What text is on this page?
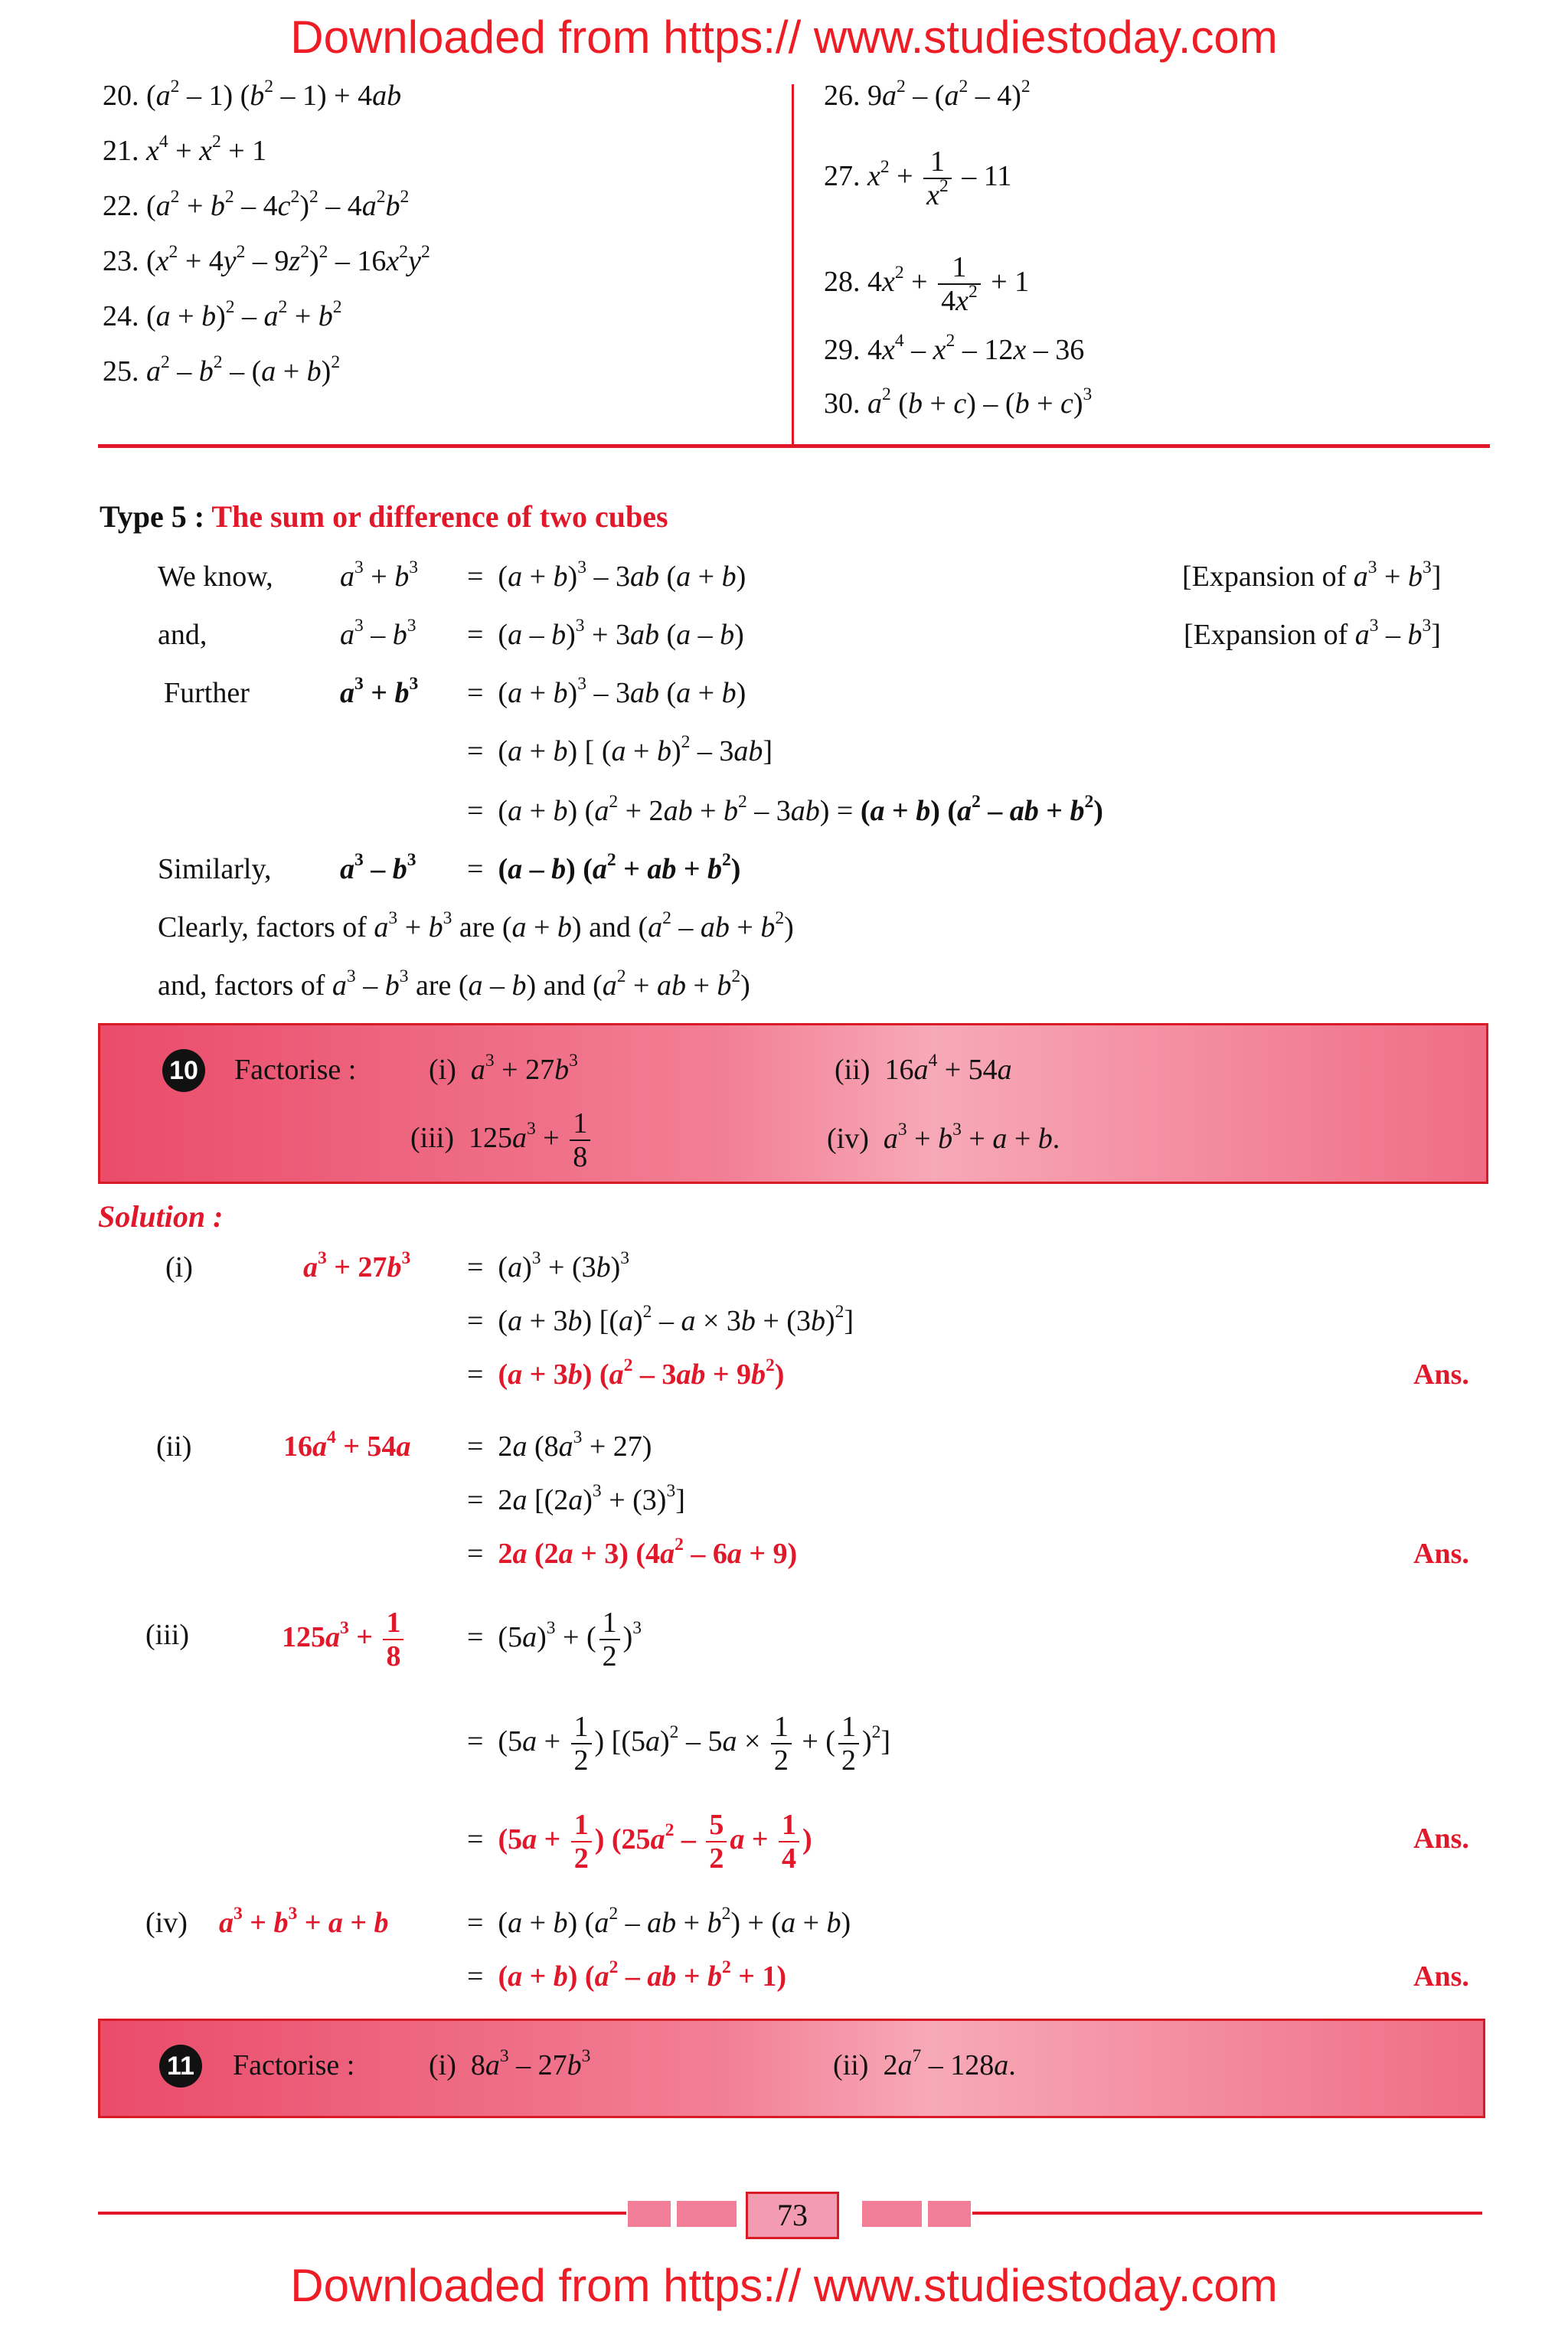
Downloaded from https:// www.studiestoday.com
Downloaded from https:// www.studiestoday.com
20. $(a^2 - 1)$ $(b^2 - 1) + 4ab$
21. $x^4 + x^2 + 1$
22. $(a^2 + b^2 - 4c^2)^2 - 4a^2b^2$
23. $(x^2 + 4y^2 - 9z^2)^2 - 16x^2y^2$
24. $(a + b)^2 - a^2 + b^2$
25. $a^2 - b^2 - (a + b)^2$
26. $9a^2 - (a^2 - 4)^2$
27. $x^2 + \frac{1}{x^2} - 11$
28. $4x^2 + \frac{1}{4x^2} + 1$
29. $4x^4 - x^2 - 12x - 36$
30. $a^2$ $(b + c) - (b + c)^3$
Type 5 : The sum or difference of two cubes
We know, $a^3 + b^3 = (a + b)^3 - 3ab$ (a + b)	[Expansion of $a^3 + b^3$]
and,	$a^3 - b^3 = (a - b)^3 + 3ab$ (a – b)	[Expansion of $a^3 - b^3$]
Further	$a^3 + b^3 = (a + b)^3 - 3ab$ (a + b)
=  (a + b) [ $(a + b)^2 - 3ab$]
=  (a + b) $(a^2 + 2ab + b^2 - 3ab) = (a + b)$ ($a^2$ – ab + $b^2$)
Similarly, $a^3 - b^3 = (a - b) (a^2$ + ab + $b^2$)
Clearly, factors of $a^3 + b^3$ are (a + b) and ($a^2$ – ab + $b^2$)
and, factors of $a^3 - b^3$ are (a – b) and ($a^2$ + ab + $b^2$)
10 Factorise : (i) $a^3 + 27b^3$	(ii)  $16a^4 + 54a$
(iii)  $125a^3 + \frac{1}{8}$	(iv) $a^3 + b^3 + a + b$.
Solution :
(i)	$a^3 + 27b^3 = (a)^3 + (3b)^3$
=  (a + 3b) $[(a)^2 - a \times 3b + (3b)^2]$
=  (a + 3b) $(a^2 - 3ab + 9b^2)$	Ans.
(ii)	$16a^4 + 54a = 2a$ $(8a^3 + 27)$
=  2a $[(2a)^3 + (3)^3]$
=  2a (2a + 3) $(4a^2 - 6a + 9)$	Ans.
(iii)	$125a^3 + \frac{1}{8} = (5a)^3$ + ( $\frac{1}{2} )^3$
=  ($5a + \frac{1}{2}$ ) [$(5a)^2 - 5a \times \frac{1}{2}$ + ( $\frac{1}{2} )^2$]
=  ($5a + \frac{1}{2}$ ) ($25a^2 - \frac{5}{2}$ $a + \frac{1}{4}$ )	Ans.
(iv) $a^3 + b^3 + a + b$	=  (a + b) ($a^2$ – ab + $b^2) + (a + b)$
=  (a + b) ($a^2$ – ab + $b^2 + 1$)	Ans.
11 Factorise :	(i)  $8a^3 - 27b^3$	(ii)  $2a^7 - 128a$.
73
